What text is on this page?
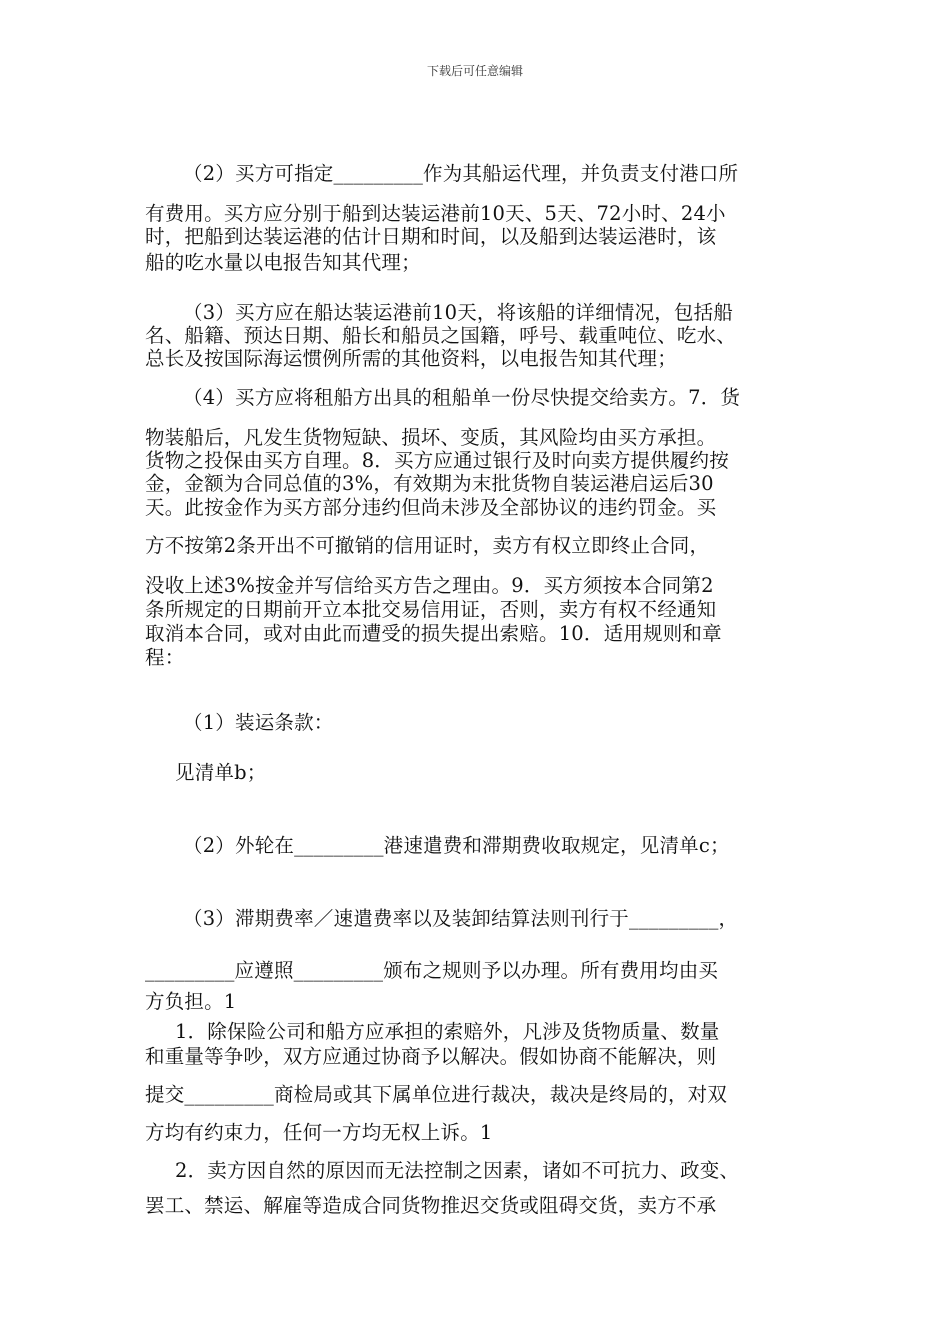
下载后可任意编辑
（2）买方可指定_________作为其船运代理，并负责支付港口所
有费用。买方应分别于船到达装运港前10天、5天、72小时、24小
时，把船到达装运港的估计日期和时间，以及船到达装运港时，该
船的吃水量以电报告知其代理；
（3）买方应在船达装运港前10天，将该船的详细情况，包括船
名、船籍、预达日期、船长和船员之国籍，呼号、载重吨位、吃水、
总长及按国际海运惯例所需的其他资料，以电报告知其代理；
（4）买方应将租船方出具的租船单一份尽快提交给卖方。7．货
物装船后，凡发生货物短缺、损坏、变质，其风险均由买方承担。
货物之投保由买方自理。8．买方应通过银行及时向卖方提供履约按
金，金额为合同总值的3%，有效期为末批货物自装运港启运后30
天。此按金作为买方部分违约但尚未涉及全部协议的违约罚金。买
方不按第2条开出不可撤销的信用证时，卖方有权立即终止合同，
没收上述3%按金并写信给买方告之理由。9．买方须按本合同第2
条所规定的日期前开立本批交易信用证，否则，卖方有权不经通知
取消本合同，或对由此而遭受的损失提出索赔。10．适用规则和章
程：
（1）装运条款：
见清单b；
（2）外轮在_________港速遣费和滞期费收取规定，见清单c；
（3）滞期费率／速遣费率以及装卸结算法则刊行于_________，
_________应遵照_________颁布之规则予以办理。所有费用均由买
方负担。1
1．除保险公司和船方应承担的索赔外，凡涉及货物质量、数量
和重量等争吵，双方应通过协商予以解决。假如协商不能解决，则
提交_________商检局或其下属单位进行裁决，裁决是终局的，对双
方均有约束力，任何一方均无权上诉。1
2．卖方因自然的原因而无法控制之因素，诸如不可抗力、政变、
罢工、禁运、解雇等造成合同货物推迟交货或阻碍交货，卖方不承
